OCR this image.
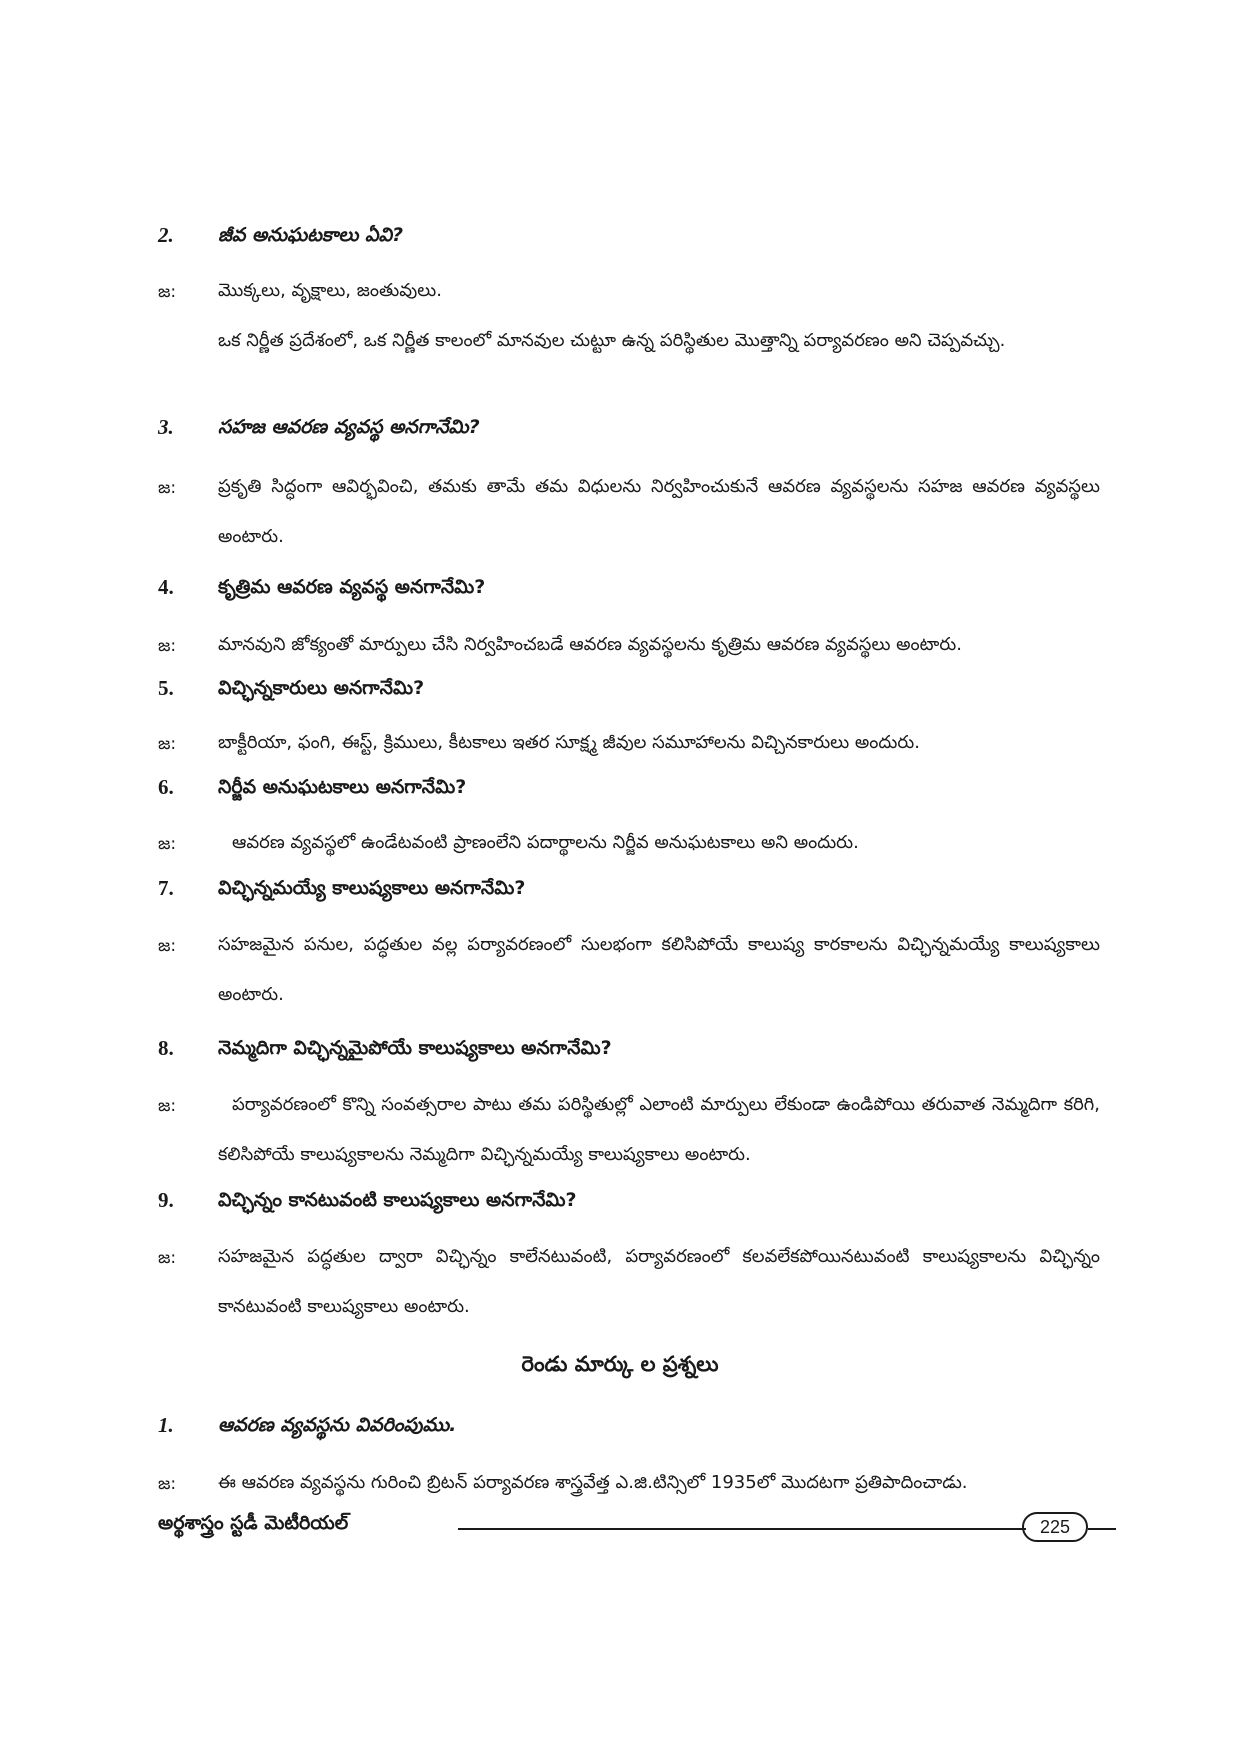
2.	జీవ అనుఘటకాలు ఏవి?
జ:	మొక్కలు, వృక్షాలు, జంతువులు.
ఒక నిర్ణీత ప్రదేశంలో, ఒక నిర్ణీత కాలంలో మానవుల చుట్టూ ఉన్న పరిస్థితుల మొత్తాన్ని పర్యావరణం అని చెప్పవచ్చు.
3.	సహజ ఆవరణ వ్యవస్థ అనగానేమి?
జ:	ప్రకృతి సిద్ధంగా ఆవిర్భవించి, తమకు తామే తమ విధులను నిర్వహించుకునే ఆవరణ వ్యవస్థలను సహజ ఆవరణ వ్యవస్థలు అంటారు.
4.	కృత్రిమ ఆవరణ వ్యవస్థ అనగానేమి?
జ:	మానవుని జోక్యంతో మార్పులు చేసి నిర్వహించబడే ఆవరణ వ్యవస్థలను కృత్రిమ ఆవరణ వ్యవస్థలు అంటారు.
5.	విచ్ఛిన్నకారులు అనగానేమి?
జ:	బాక్టీరియా, ఫంగి, ఈస్ట్, క్రిములు, కీటకాలు ఇతర సూక్ష్మ జీవుల సమూహాలను విచ్చినకారులు అందురు.
6.	నిర్జీవ అనుఘటకాలు అనగానేమి?
జ:	ఆవరణ వ్యవస్థలో ఉండేటవంటి ప్రాణంలేని పదార్థాలను నిర్జీవ అనుఘటకాలు అని అందురు.
7.	విచ్ఛిన్నమయ్యే కాలుష్యకాలు అనగానేమి?
జ:	సహజమైన పనుల, పద్ధతుల వల్ల పర్యావరణంలో సులభంగా కలిసిపోయే కాలుష్య కారకాలను విచ్ఛిన్నమయ్యే కాలుష్యకాలు అంటారు.
8.	నెమ్మదిగా విచ్ఛిన్నమైపోయే కాలుష్యకాలు అనగానేమి?
జ:	పర్యావరణంలో కొన్ని సంవత్సరాల పాటు తమ పరిస్థితుల్లో ఎలాంటి మార్పులు లేకుండా ఉండిపోయి తరువాత నెమ్మదిగా కరిగి, కలిసిపోయే కాలుష్యకాలను నెమ్మదిగా విచ్ఛిన్నమయ్యే కాలుష్యకాలు అంటారు.
9.	విచ్ఛిన్నం కానటువంటి కాలుష్యకాలు అనగానేమి?
జ:	సహజమైన పద్ధతుల ద్వారా విచ్ఛిన్నం కాలేనటువంటి, పర్యావరణంలో కలవలేకపోయినటువంటి కాలుష్యకాలను విచ్ఛిన్నం కానటువంటి కాలుష్యకాలు అంటారు.
రెండు మార్కు ల ప్రశ్నలు
1.	ఆవరణ వ్యవస్థను వివరింపుము.
జ:	ఈ ఆవరణ వ్యవస్థను గురించి బ్రిటన్ పర్యావరణ శాస్త్రవేత్త ఎ.జి.టిన్సిలో 1935లో మొదటగా ప్రతిపాదించాడు.
అర్థశాస్త్రం స్టడీ మెటీరియల్	225
